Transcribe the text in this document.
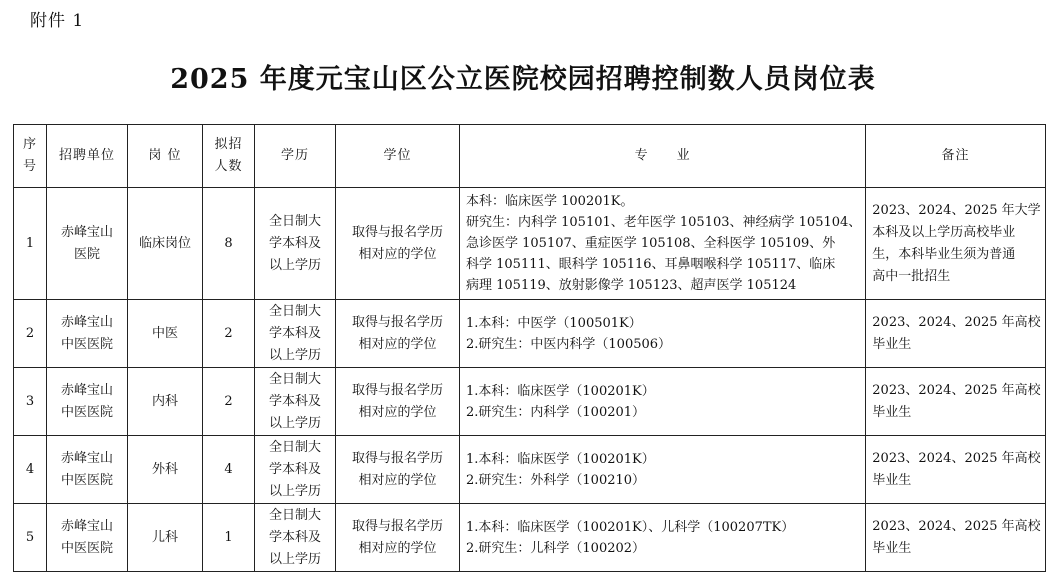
附件 1
2025 年度元宝山区公立医院校园招聘控制数人员岗位表
序
号	招聘单位	岗 位	拟招
人数	学历	学位	专　　业	备注
1	赤峰宝山
医院	临床岗位	8	全日制大
学本科及
以上学历	取得与报名学历
相对应的学位	本科：临床医学 100201K。
研究生：内科学 105101、老年医学 105103、神经病学 105104、
急诊医学 105107、重症医学 105108、全科医学 105109、外
科学 105111、眼科学 105116、耳鼻咽喉科学 105117、临床
病理 105119、放射影像学 105123、超声医学 105124	2023、2024、2025 年大学
本科及以上学历高校毕业
生，本科毕业生须为普通
高中一批招生

2	赤峰宝山
中医医院	中医	2	全日制大
学本科及
以上学历	取得与报名学历
相对应的学位	1.本科：中医学（100501K）
2.研究生：中医内科学（100506）	2023、2024、2025 年高校
毕业生

3	赤峰宝山
中医医院	内科	2	全日制大
学本科及
以上学历	取得与报名学历
相对应的学位	1.本科：临床医学（100201K）
2.研究生：内科学（100201）	2023、2024、2025 年高校
毕业生

4	赤峰宝山
中医医院	外科	4	全日制大
学本科及
以上学历	取得与报名学历
相对应的学位	1.本科：临床医学（100201K）
2.研究生：外科学（100210）	2023、2024、2025 年高校
毕业生

5	赤峰宝山
中医医院	儿科	1	全日制大
学本科及
以上学历	取得与报名学历
相对应的学位	1.本科：临床医学（100201K）、儿科学（100207TK）
2.研究生：儿科学（100202）	2023、2024、2025 年高校
毕业生
